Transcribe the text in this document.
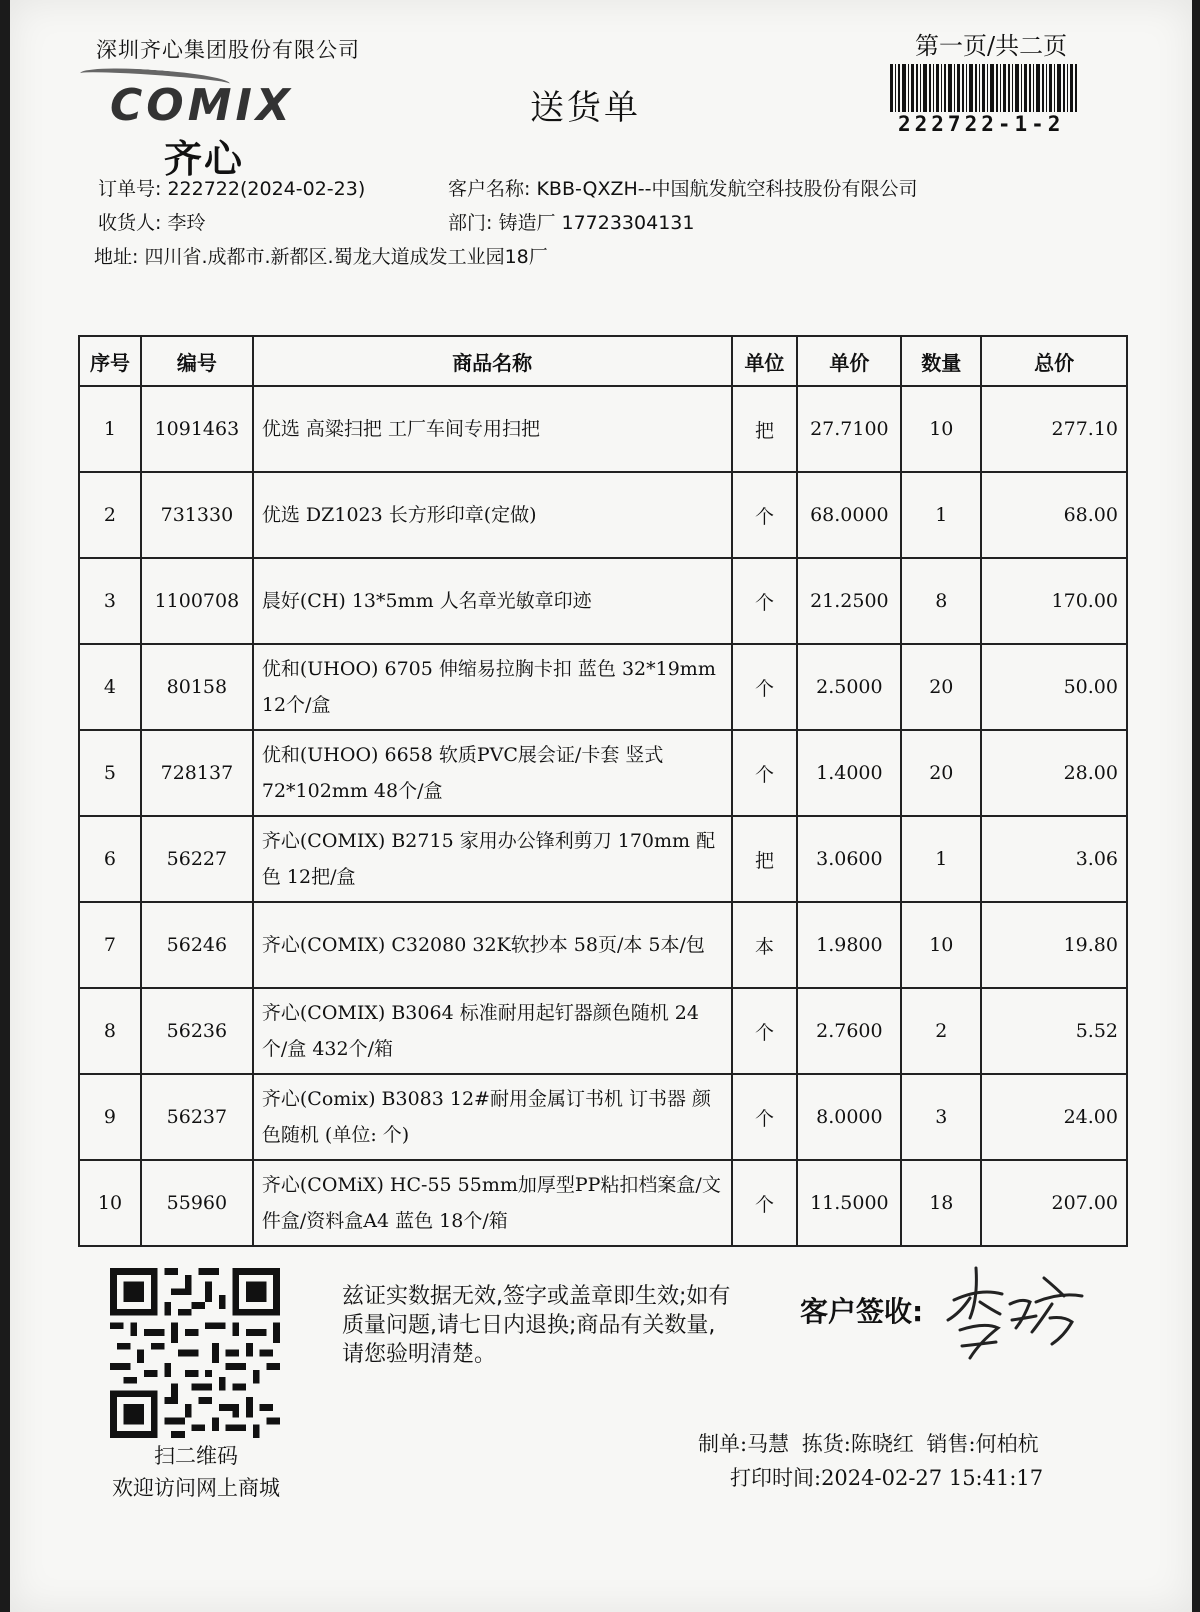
深圳齐心集团股份有限公司
COMIX
齐心
送货单
第一页/共二页
222722-1-2
订单号: 222722(2024-02-23)	客户名称: KBB-QXZH--中国航发航空科技股份有限公司
收货人: 李玲	部门: 铸造厂 17723304131
地址: 四川省.成都市.新都区.蜀龙大道成发工业园18厂
序号	编号	商品名称	单位	单价	数量	总价
1	1091463	优选 高粱扫把 工厂车间专用扫把	把	27.7100	10	277.10
2	731330	优选 DZ1023 长方形印章(定做)	个	68.0000	1	68.00
3	1100708	晨好(CH) 13*5mm 人名章光敏章印迹	个	21.2500	8	170.00
4	80158	优和(UHOO) 6705 伸缩易拉胸卡扣 蓝色 32*19mm 12个/盒	个	2.5000	20	50.00
5	728137	优和(UHOO) 6658 软质PVC展会证/卡套 竖式 72*102mm 48个/盒	个	1.4000	20	28.00
6	56227	齐心(COMIX) B2715 家用办公锋利剪刀 170mm 配色 12把/盒	把	3.0600	1	3.06
7	56246	齐心(COMIX) C32080 32K软抄本 58页/本 5本/包	本	1.9800	10	19.80
8	56236	齐心(COMIX) B3064 标准耐用起钉器颜色随机 24个/盒 432个/箱	个	2.7600	2	5.52
9	56237	齐心(Comix) B3083 12#耐用金属订书机 订书器 颜色随机 (单位: 个)	个	8.0000	3	24.00
10	55960	齐心(COMiX) HC-55 55mm加厚型PP粘扣档案盒/文件盒/资料盒A4 蓝色 18个/箱	个	11.5000	18	207.00
扫二维码
欢迎访问网上商城
兹证实数据无效,签字或盖章即生效;如有质量问题,请七日内退换;商品有关数量,请您验明清楚。
客户签收:
制单:马慧 拣货:陈晓红 销售:何柏杭
打印时间:2024-02-27 15:41:17
